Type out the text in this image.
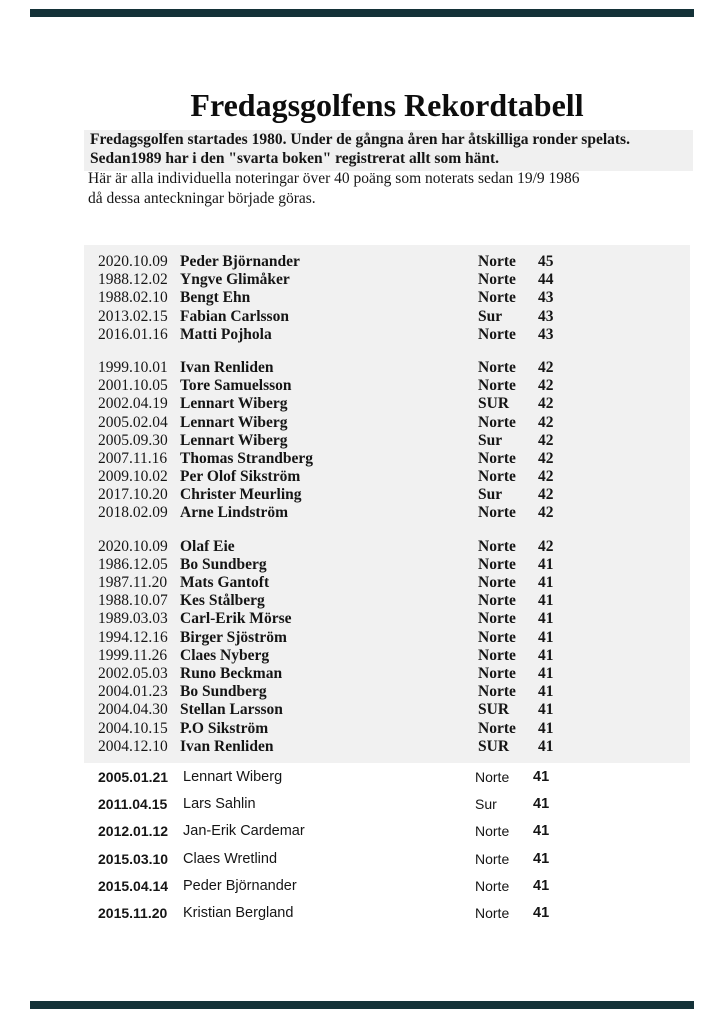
Fredagsgolfens Rekordtabell

Fredagsgolfen startades 1980. Under de gångna åren har åtskilliga ronder spelats.

Sedan1989 har i den "svarta boken" registrerat allt som hänt.

Här är alla individuella noteringar över 40 poäng som noterats sedan 19/9 1986

då dessa anteckningar började göras.

2020.10.09 Peder Björnander	Norte 45
1988.12.02 Yngve Glimåker	Norte 44
1988.02.10 Bengt Ehn	Norte 43
2013.02.15 Fabian Carlsson	Sur 43
2016.01.16 Matti Pojhola	Norte 43
1999.10.01 Ivan Renliden	Norte 42
2001.10.05 Tore Samuelsson	Norte 42
2002.04.19 Lennart Wiberg	SUR 42
2005.02.04 Lennart Wiberg	Norte 42
2005.09.30 Lennart Wiberg	Sur 42
2007.11.16 Thomas Strandberg	Norte 42
2009.10.02 Per Olof Sikström	Norte 42
2017.10.20 Christer Meurling	Sur 42
2018.02.09 Arne Lindström	Norte 42
2020.10.09 Olaf Eie	Norte 42
1986.12.05 Bo Sundberg	Norte 41
1987.11.20 Mats Gantoft	Norte 41
1988.10.07 Kes Stålberg	Norte 41
1989.03.03 Carl-Erik Mörse	Norte 41
1994.12.16 Birger Sjöström	Norte 41
1999.11.26 Claes Nyberg	Norte 41
2002.05.03 Runo Beckman	Norte 41
2004.01.23 Bo Sundberg	Norte 41
2004.04.30 Stellan Larsson	SUR 41
2004.10.15 P.O Sikström	Norte 41
2004.12.10 Ivan Renliden	SUR 41
2005.01.21 Lennart Wiberg	Norte 41
2011.04.15 Lars Sahlin	Sur 41
2012.01.12 Jan-Erik Cardemar	Norte 41
2015.03.10 Claes Wretlind	Norte 41
2015.04.14 Peder Björnander	Norte 41
2015.11.20 Kristian Bergland	Norte 41
